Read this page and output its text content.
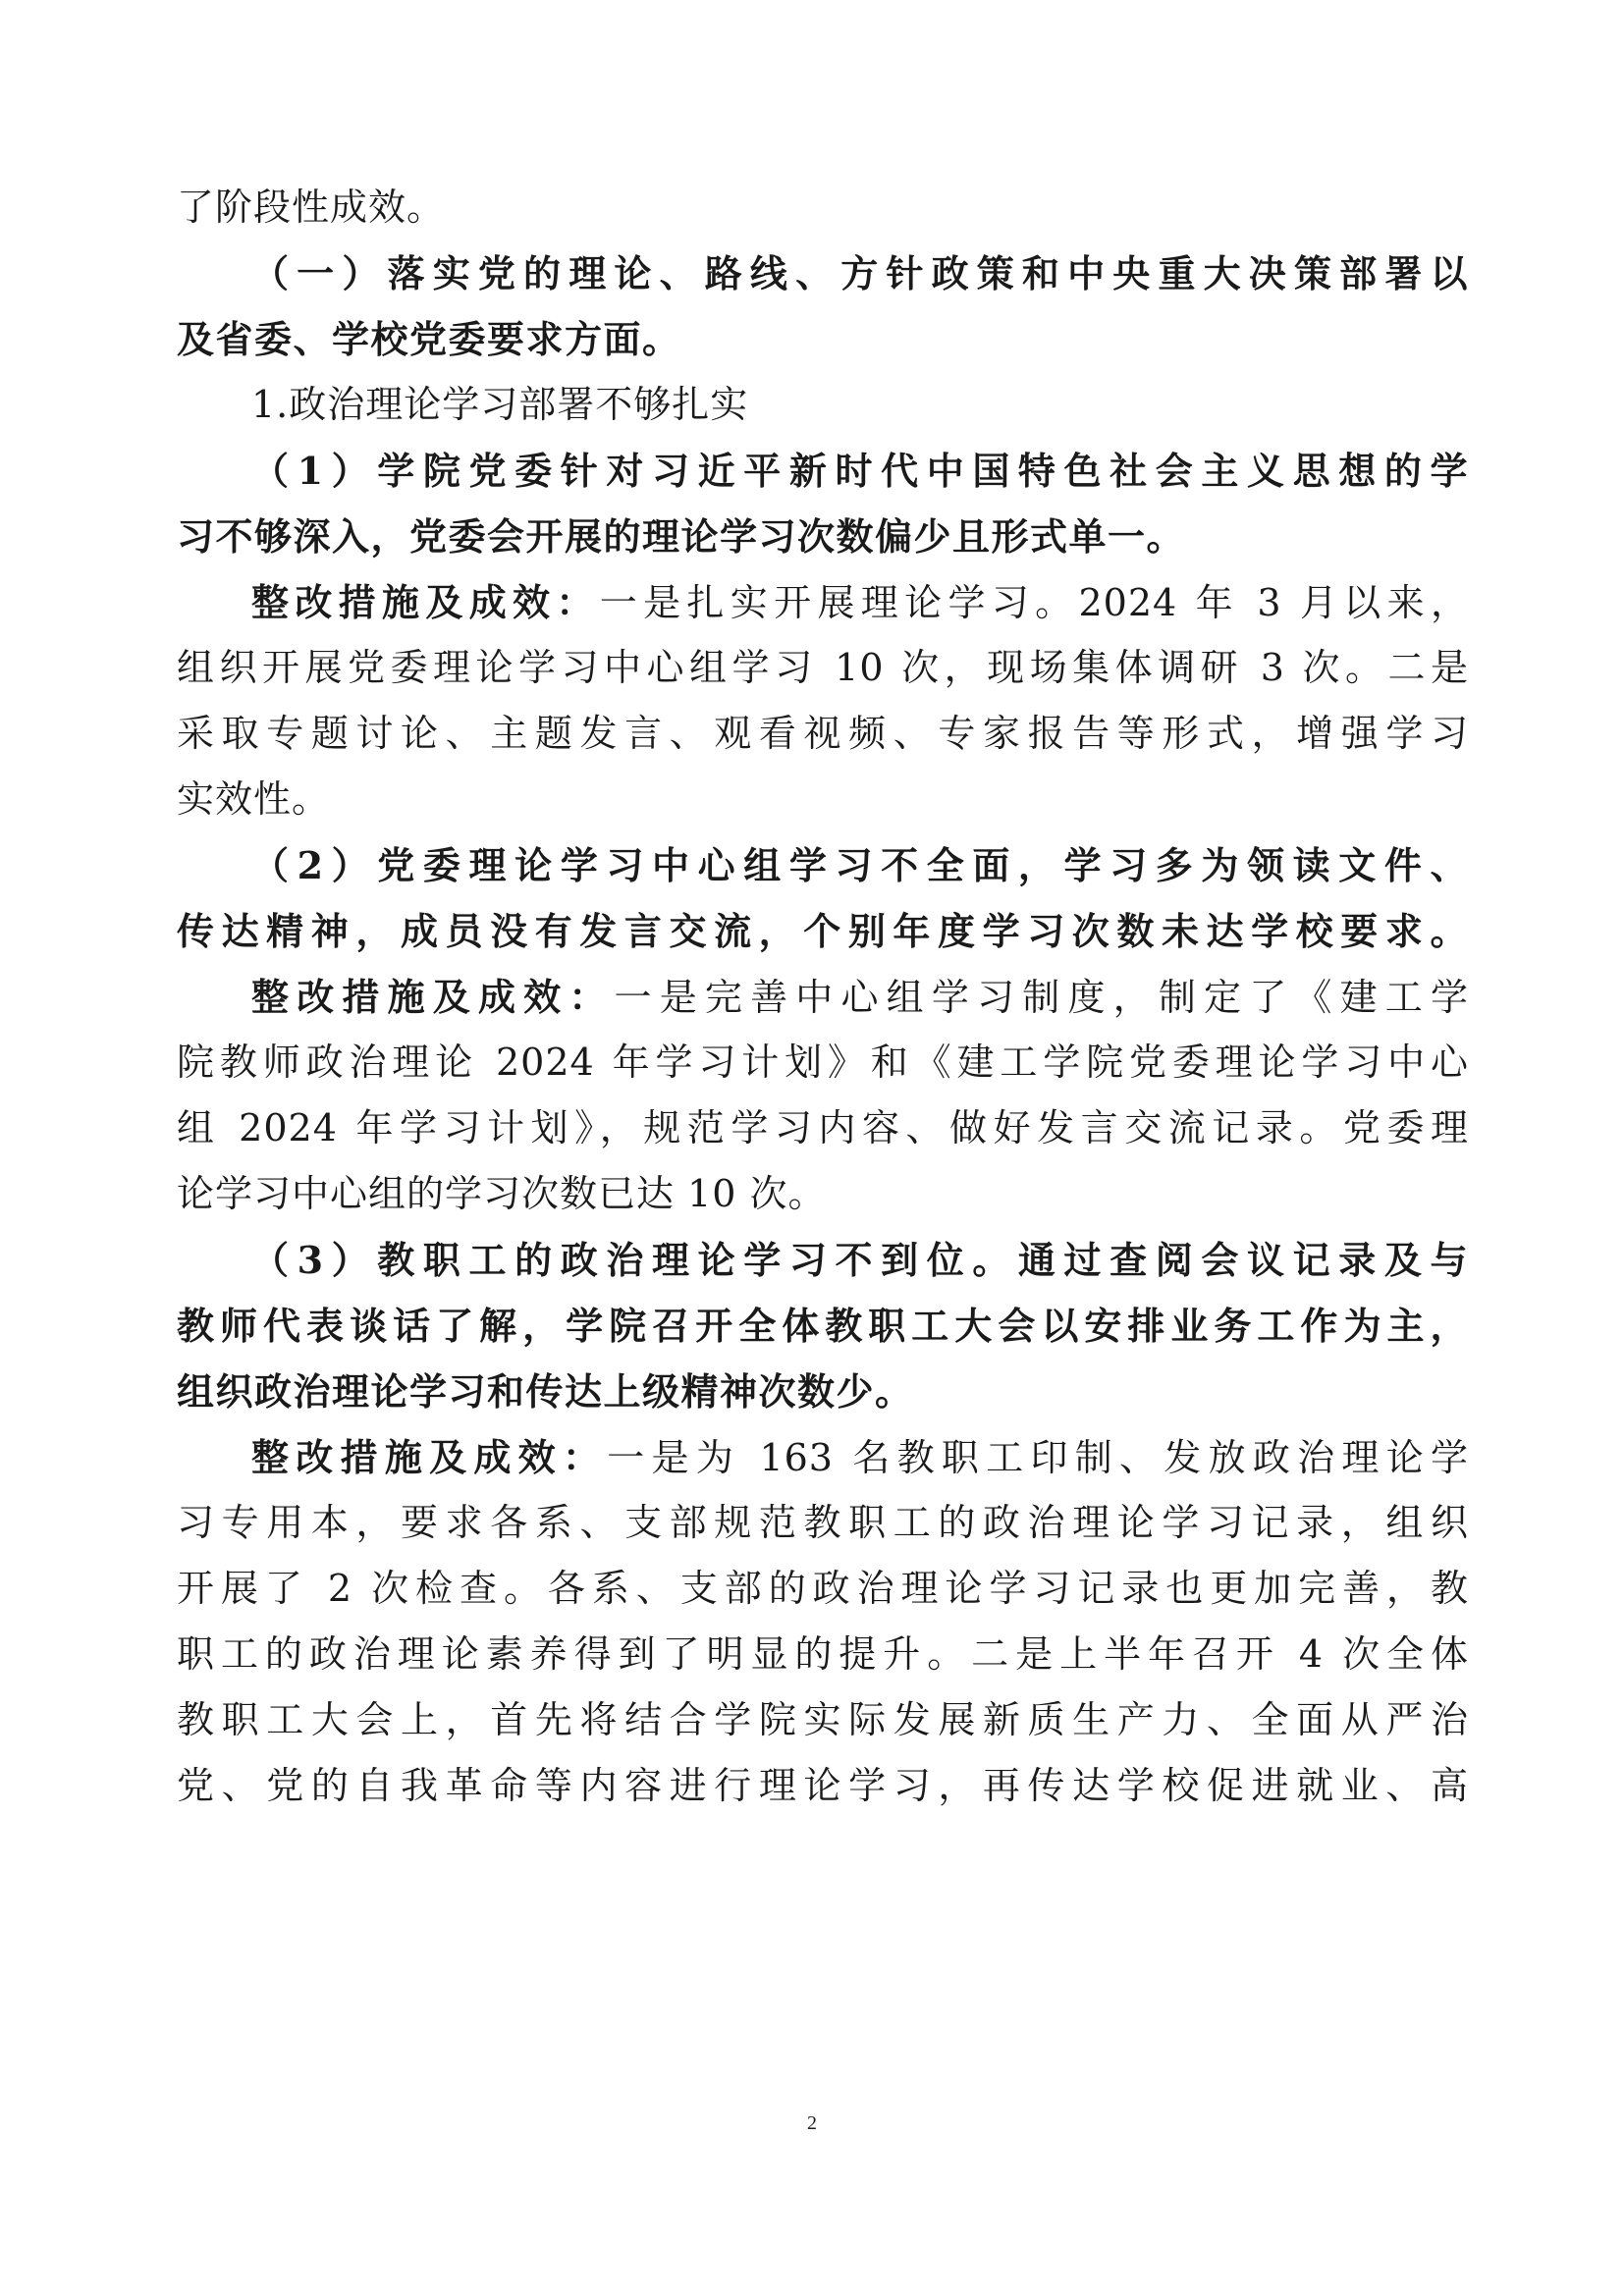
了阶段性成效。
（一）落实党的理论、路线、方针政策和中央重大决策部署以
及省委、学校党委要求方面。
1.政治理论学习部署不够扎实
（1）学院党委针对习近平新时代中国特色社会主义思想的学
习不够深入，党委会开展的理论学习次数偏少且形式单一。
整改措施及成效：一是扎实开展理论学习。2024 年 3 月以来，
组织开展党委理论学习中心组学习 10 次，现场集体调研 3 次。二是
采取专题讨论、主题发言、观看视频、专家报告等形式，增强学习
实效性。
（2）党委理论学习中心组学习不全面，学习多为领读文件、
传达精神，成员没有发言交流，个别年度学习次数未达学校要求。
整改措施及成效：一是完善中心组学习制度，制定了《建工学
院教师政治理论 2024 年学习计划》和《建工学院党委理论学习中心
组 2024 年学习计划》，规范学习内容、做好发言交流记录。党委理
论学习中心组的学习次数已达 10 次。
（3）教职工的政治理论学习不到位。通过查阅会议记录及与
教师代表谈话了解，学院召开全体教职工大会以安排业务工作为主，
组织政治理论学习和传达上级精神次数少。
整改措施及成效：一是为 163 名教职工印制、发放政治理论学
习专用本，要求各系、支部规范教职工的政治理论学习记录，组织
开展了 2 次检查。各系、支部的政治理论学习记录也更加完善，教
职工的政治理论素养得到了明显的提升。二是上半年召开 4 次全体
教职工大会上，首先将结合学院实际发展新质生产力、全面从严治
党、党的自我革命等内容进行理论学习，再传达学校促进就业、高
2
